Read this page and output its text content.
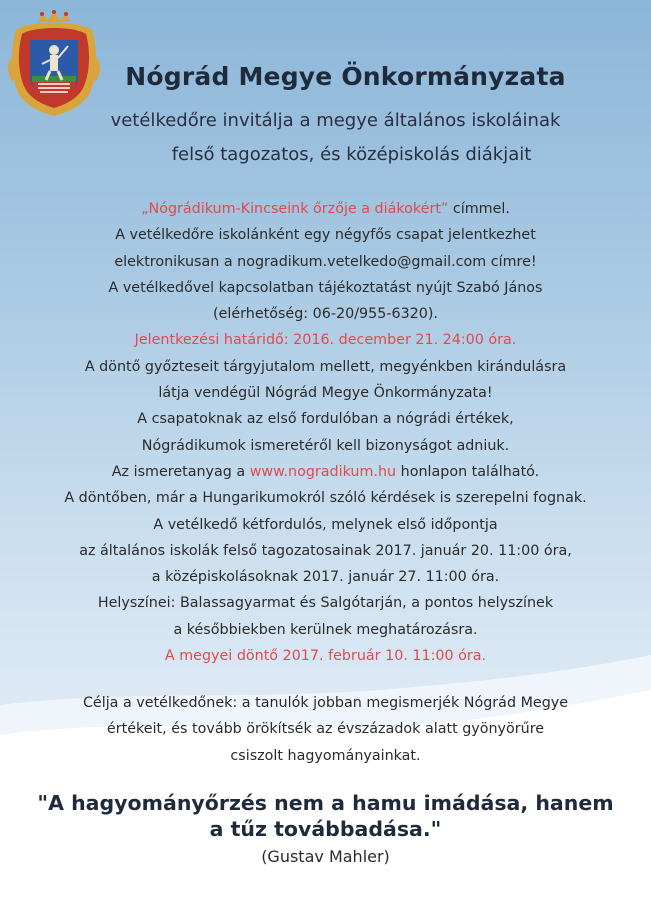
Nógrád Megye Önkormányzata
vetélkedőre invitálja a megye általános iskoláinak
felső tagozatos, és középiskolás diákjait
„Nógrádikum-Kincseink őrzője a diákokért” címmel.
A vetélkedőre iskolánként egy négyfős csapat jelentkezhet
elektronikusan a nogradikum.vetelkedo@gmail.com címre!
A vetélkedővel kapcsolatban tájékoztatást nyújt Szabó János
(elérhetőség: 06-20/955-6320).
Jelentkezési határidő: 2016. december 21. 24:00 óra.
A döntő győzteseit tárgyjutalom mellett, megyénkben kirándulásra
látja vendégül Nógrád Megye Önkormányzata!
A csapatoknak az első fordulóban a nógrádi értékek,
Nógrádikumok ismeretéről kell bizonyságot adniuk.
Az ismeretanyag a www.nogradikum.hu honlapon található.
A döntőben, már a Hungarikumokról szóló kérdések is szerepelni fognak.
A vetélkedő kétfordulós, melynek első időpontja
az általános iskolák felső tagozatosainak 2017. január 20. 11:00 óra,
a középiskolásoknak 2017. január 27. 11:00 óra.
Helyszínei: Balassagyarmat és Salgótarján, a pontos helyszínek
a későbbiekben kerülnek meghatározásra.
A megyei döntő 2017. február 10. 11:00 óra.
Célja a vetélkedőnek: a tanulók jobban megismerjék Nógrád Megye
értékeit, és tovább örökítsék az évszázadok alatt gyönyörűre
csiszolt hagyományainkat.
"A hagyományőrzés nem a hamu imádása, hanem
a tűz továbbadása."
(Gustav Mahler)
